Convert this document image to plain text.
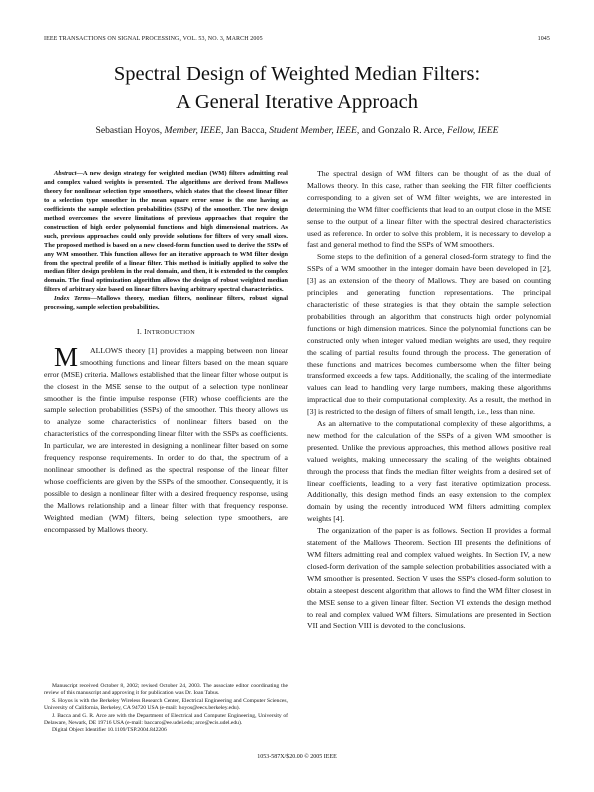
IEEE TRANSACTIONS ON SIGNAL PROCESSING, VOL. 53, NO. 3, MARCH 2005	1045
Spectral Design of Weighted Median Filters:
A General Iterative Approach
Sebastian Hoyos, Member, IEEE, Jan Bacca, Student Member, IEEE, and Gonzalo R. Arce, Fellow, IEEE

Abstract—A new design strategy for weighted median (WM) filters admitting real and complex valued weights is presented. The algorithms are derived from Mallows theory for nonlinear selection type smoothers, which states that the closest linear filter to a selection type smoother in the mean square error sense is the one having as coefficients the sample selection probabilities (SSPs) of the smoother. The new design method overcomes the severe limitations of previous approaches that require the construction of high order polynomial functions and high dimensional matrices. As such, previous approaches could only provide solutions for filters of very small sizes. The proposed method is based on a new closed-form function used to derive the SSPs of any WM smoother. This function allows for an iterative approach to WM filter design from the spectral profile of a linear filter. This method is initially applied to solve the median filter design problem in the real domain, and then, it is extended to the complex domain. The final optimization algorithm allows the design of robust weighted median filters of arbitrary size based on linear filters having arbitrary spectral characteristics.

Index Terms—Mallows theory, median filters, nonlinear filters, robust signal processing, sample selection probabilities.

I. INTRODUCTION

M ALLOWS theory [1] provides a mapping between non linear smoothing functions and linear filters based on the mean square error (MSE) criteria. Mallows established that the linear filter whose output is the closest in the MSE sense to the output of a selection type nonlinear smoother is the fintie impulse response (FIR) whose coefficients are the sample selection probabilities (SSPs) of the smoother. This theory allows us to analyze some characteristics of nonlinear filters based on the characteristics of the corresponding linear filter with the SSPs as coefficients. In particular, we are interested in designing a nonlinear filter based on some frequency response requirements. In order to do that, the spectrum of a nonlinear smoother is defined as the spectral response of the linear filter whose coefficients are given by the SSPs of the smoother. Consequently, it is possible to design a nonlinear filter with a desired frequency response, using the Mallows relationship and a linear filter with that frequency response. Weighted median (WM) filters, being selection type smoothers, are encompassed by Mallows theory.

Manuscript received October 8, 2002; revised October 24, 2003. The associate editor coordinating the review of this manuscript and approving it for publication was Dr. Ioan Tabus.

S. Hoyos is with the Berkeley Wireless Research Center, Electrical Engineering and Computer Sciences, University of California, Berkeley, CA 94720 USA (e-mail: hoyos@eecs.berkeley.edu).

J. Bacca and G. R. Arce are with the Department of Electrical and Computer Engineering, University of Delaware, Newark, DE 19716 USA (e-mail: baccaro@ee.udel.edu; arce@ecis.udel.edu).

Digital Object Identifier 10.1109/TSP.2004.842206

The spectral design of WM filters can be thought of as the dual of Mallows theory. In this case, rather than seeking the FIR filter coefficients corresponding to a given set of WM filter weights, we are interested in determining the WM filter coefficients that lead to an output close in the MSE sense to the output of a linear filter with the spectral desired characteristics used as reference. In order to solve this problem, it is necessary to develop a fast and general method to find the SSPs of WM smoothers.

Some steps to the definition of a general closed-form strategy to find the SSPs of a WM smoother in the integer domain have been developed in [2], [3] as an extension of the theory of Mallows. They are based on counting principles and generating function representations. The principal characteristic of these strategies is that they obtain the sample selection probabilities through an algorithm that constructs high order polynomial functions or high dimension matrices. Since the polynomial functions can be constructed only when integer valued median weights are used, they require the scaling of partial results found through the process. The generation of these functions and matrices becomes cumbersome when the filter being transformed exceeds a few taps. Additionally, the scaling of the intermediate values can lead to handling very large numbers, making these algorithms impractical due to their computational complexity. As a result, the method in [3] is restricted to the design of filters of small length, i.e., less than nine.

As an alternative to the computational complexity of these algorithms, a new method for the calculation of the SSPs of a given WM smoother is presented. Unlike the previous approaches, this method allows positive real valued weights, making unnecessary the scaling of the weights obtained through the process that finds the median filter weights from a desired set of linear coefficients, leading to a very fast iterative optimization process. Additionally, this design method finds an easy extension to the complex domain by using the recently introduced WM filters admitting complex weights [4].

The organization of the paper is as follows. Section II provides a formal statement of the Mallows Theorem. Section III presents the definitions of WM filters admitting real and complex valued weights. In Section IV, a new closed-form derivation of the sample selection probabilities associated with a WM smoother is presented. Section V uses the SSP's closed-form solution to obtain a steepest descent algorithm that allows to find the WM filter closest in the MSE sense to a given linear filter. Section VI extends the design method to real and complex valued WM filters. Simulations are presented in Section VII and Section VIII is devoted to the conclusions.

1053-587X/$20.00 © 2005 IEEE
